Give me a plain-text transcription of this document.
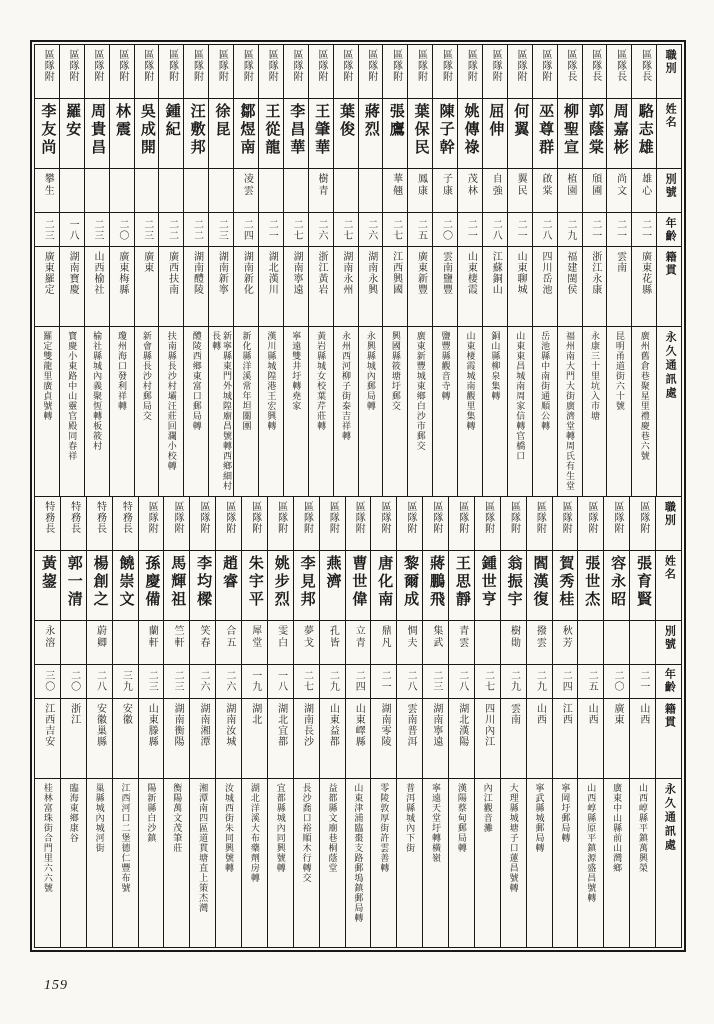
區隊附
李友尚
攀生
二三
廣東羅定
羅定雙龍里廣貞號轉
區隊附
羅安
一八
湖南寶慶
寶慶小東路中山靈官殿同春祥
區隊附
周貴昌
二三
山西榆社
榆社縣城內義聚恆轉板筱村
區隊附
林震
二〇
廣東梅縣
瓊州海口發利祥轉
區隊附
吳成開
二三
廣東
新會縣長沙村郵局交
區隊附
鍾紀
二二
廣西扶南
扶南縣長沙村壩汪莊回瀾小校轉
區隊附
汪敷邦
二二
湖南醴陵
醴陵西鄉東富口郵局轉
區隊附
徐昆
二三
湖南新寧
新寧縣東門外城隍廟昌號轉西鄉細村長轉
區隊附
鄒煜南
凌雲
二四
湖南新化
新化縣洋溪常年坦關團
區隊附
王從龍
二一
湖北漢川
漢川縣城隍港王宏興轉
區隊附
李昌華
二七
湖南寧遠
寧遠雙井圩轉堯家
區隊附
王肇華
樹青
二六
浙江黃岩
黃岩縣城女校葉芹莊轉
區隊附
葉俊
二七
湖南永州
永州西河柳子街泰吉祥轉
區隊附
蔣烈
二六
湖南永興
永興縣城內郵局轉
區隊附
張鷹
華翹
二七
江西興國
興國縣筱塘圩郵交
區隊附
葉保民
鳳康
二五
廣東新豐
廣東新豐城東鄉白沙市郵交
區隊附
陳子幹
子康
二〇
雲南鹽豐
鹽豐縣觀音寺轉
區隊附
姚傳祿
茂林
二一
山東棲霞
山東棲霞城南觀里集轉
區隊附
屈伸
自強
二八
江蘇銅山
銅山縣柳泉集轉
區隊附
何翼
翼民
二一
山東聊城
山東東昌城南周家信轉官橋口
區隊附
巫尊群
啟棠
二八
四川岳池
岳池縣中南街通順公轉
區隊長
柳聖宣
植園
二九
福建閩侯
福州南大門大街廣濟堂轉周氏有生堂
區隊長
郭蔭棠
頎圃
二一
浙江永康
永康三十里坑入市塘
區隊長
周嘉彬
尚文
二一
雲南
昆明甬道街六十號
區隊長
駱志雄
雄心
二一
廣東花縣
廣州舊倉巷聚星里禮慶巷六號
職別
姓名
別號
年齡
籍貫
永久通訊處
特務長
黃鋆
永溶
三〇
江西吉安
桂林富珠街合門里六六號
特務長
郭一清
二〇
浙江
臨海東鄉康谷
特務長
楊創之
蔚卿
二八
安徽巢縣
巢縣城內城河街
特務長
饒崇文
三九
安徽
江西河口二堡德仁豐布號
區隊附
孫慶備
蘭軒
二三
山東滕縣
陽新縣白沙鎮
區隊附
馬輝祖
竺軒
二三
湖南衡陽
衡陽萬文茂筆莊
區隊附
李均樑
笑春
二六
湖南湘潭
湘潭南四區道貫塘直上策杰灣
區隊附
趙睿
合五
二六
湖南汝城
汝城西街朱同興號轉
區隊附
朱宇平
犀堂
一九
湖北
湖北洋溪大布藥劑房轉
區隊附
姚步烈
雯白
一八
湖北宜都
宜都縣城內同興號轉
區隊附
李見邦
夢戈
二七
湖南長沙
長沙喬口裕順木行轉交
區隊附
燕濟
孔皆
二九
山東益都
益都縣文廟巷桐蔭堂
區隊附
曹世偉
立青
二四
山東嶧縣
山東津浦臨棗支路郵塢鎮郵局轉
區隊附
唐化南
鼎凡
二一
湖南零陵
零陵敦厚街許雲善轉
區隊附
黎爾成
惆夫
二八
雲南普洱
普洱縣城內下街
區隊附
蔣鵬飛
集武
二三
湖南寧遠
寧遠天堂圩轉橫嶺
區隊附
王思靜
青雲
二八
湖北漢陽
漢陽蔡甸郵局轉
區隊附
鍾世亨
二七
四川內江
內江觀音灘
區隊附
翁振宇
樹勛
二九
雲南
大理縣城塘子口蓮昌號轉
區隊附
閻漢復
撥雲
二九
山西
寧武縣城郵局轉
區隊附
賀秀桂
秋芳
二四
江西
寧岡圩郵局轉
區隊附
張世杰
二五
山西
山西崞縣原平鎮源盛昌號轉
區隊附
容永昭
二〇
廣東
廣東中山縣前山灣鄉
區隊附
張育賢
二一
山西
山西崞縣平鎮萬興榮
職別
姓名
別號
年齡
籍貫
永久通訊處
159
